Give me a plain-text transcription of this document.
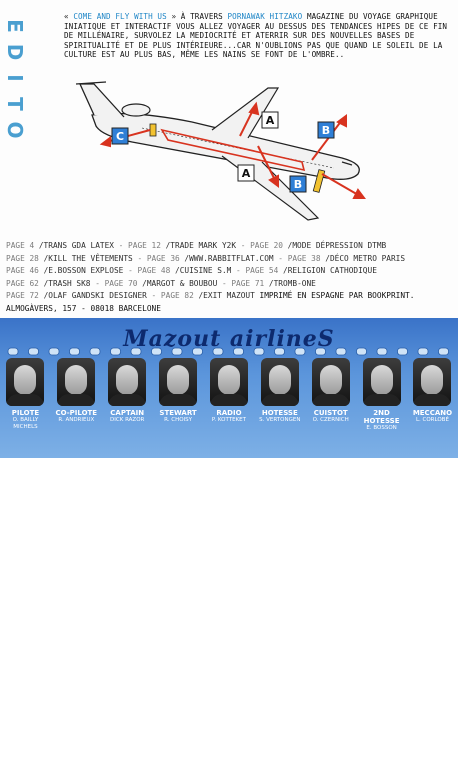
E
D
I
T
O
« COME AND FLY WITH US » À TRAVERS PORNAWAK HITZAKO MAGAZINE DU VOYAGE GRAPHIQUE INIATIQUE ET INTERACTIF VOUS ALLEZ VOYAGER AU DESSUS DES TENDANCES HIPES DE CE FIN DE MILLÉNAIRE, SURVOLEZ LA MEDIOCRITÉ ET ATERRIR SUR DES NOUVELLES BASES DE SPIRITUALITÉ ET DE PLUS INTÉRIEURE...CAR N'OUBLIONS PAS QUE QUAND LE SOLEIL DE LA CULTURE EST AU PLUS BAS, MÊME LES NAINS SE FONT DE L'OMBRE..
A
A
B
B
C
PAGE 4 /TRANS GDA LATEX - PAGE 12 /TRADE MARK Y2K - PAGE 20 /MODE DÉPRESSION DTMB
PAGE 28 /KILL THE VÊTEMENTS - PAGE 36 /WWW.RABBITFLAT.COM - PAGE 38 /DÉCO METRO PARIS
PAGE 46 /E.BOSSON EXPLOSE - PAGE 48 /CUISINE S.M - PAGE 54 /RELIGION CATHODIQUE
PAGE 62 /TRASH SK8 - PAGE 70 /MARGOT & BOUBOU - PAGE 71 /TROMB-ONE
PAGE 72 /OLAF GANDSKI DESIGNER - PAGE 82 /EXIT MAZOUT IMPRIMÉ EN ESPAGNE PAR BOOKPRINT.
ALMOGÀVERS, 157 - 08018 BARCELONE
Mazout airlineS
PILOTE
O. BAILLY MICHELS
CO-PILOTE
R. ANDRIEUX
CAPTAIN
DICK RAZOR
STEWART
R. CHOISY
RADIO
P. KOTTEKET
HOTESSE
S. VERTONGEN
CUISTOT
O. CZERNICH
2ND HOTESSE
E. BOSSON
MECCANO
L. CORLOBÉ
© 1st pressé - 4-6 Impasse Montlouis - 75011 Paris. Tél : 01 43 56 27 48. Imprimé en CEE. Directeur de la Publication : Jean-Christophe Flammin - Publicité au Journal qui transmettra
